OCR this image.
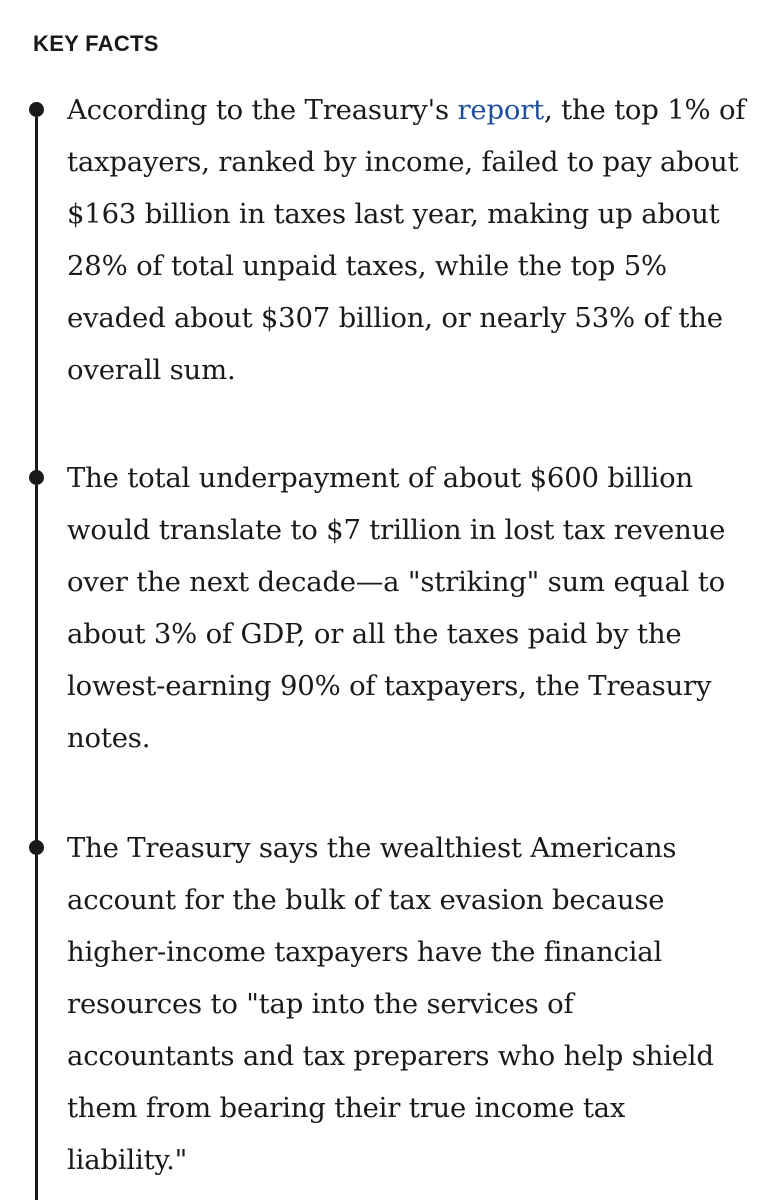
KEY FACTS

According to the Treasury's report, the top 1% of taxpayers, ranked by income, failed to pay about $163 billion in taxes last year, making up about 28% of total unpaid taxes, while the top 5% evaded about $307 billion, or nearly 53% of the overall sum.

The total underpayment of about $600 billion would translate to $7 trillion in lost tax revenue over the next decade—a "striking" sum equal to about 3% of GDP, or all the taxes paid by the lowest-earning 90% of taxpayers, the Treasury notes.

The Treasury says the wealthiest Americans account for the bulk of tax evasion because higher-income taxpayers have the financial resources to "tap into the services of accountants and tax preparers who help shield them from bearing their true income tax liability."
